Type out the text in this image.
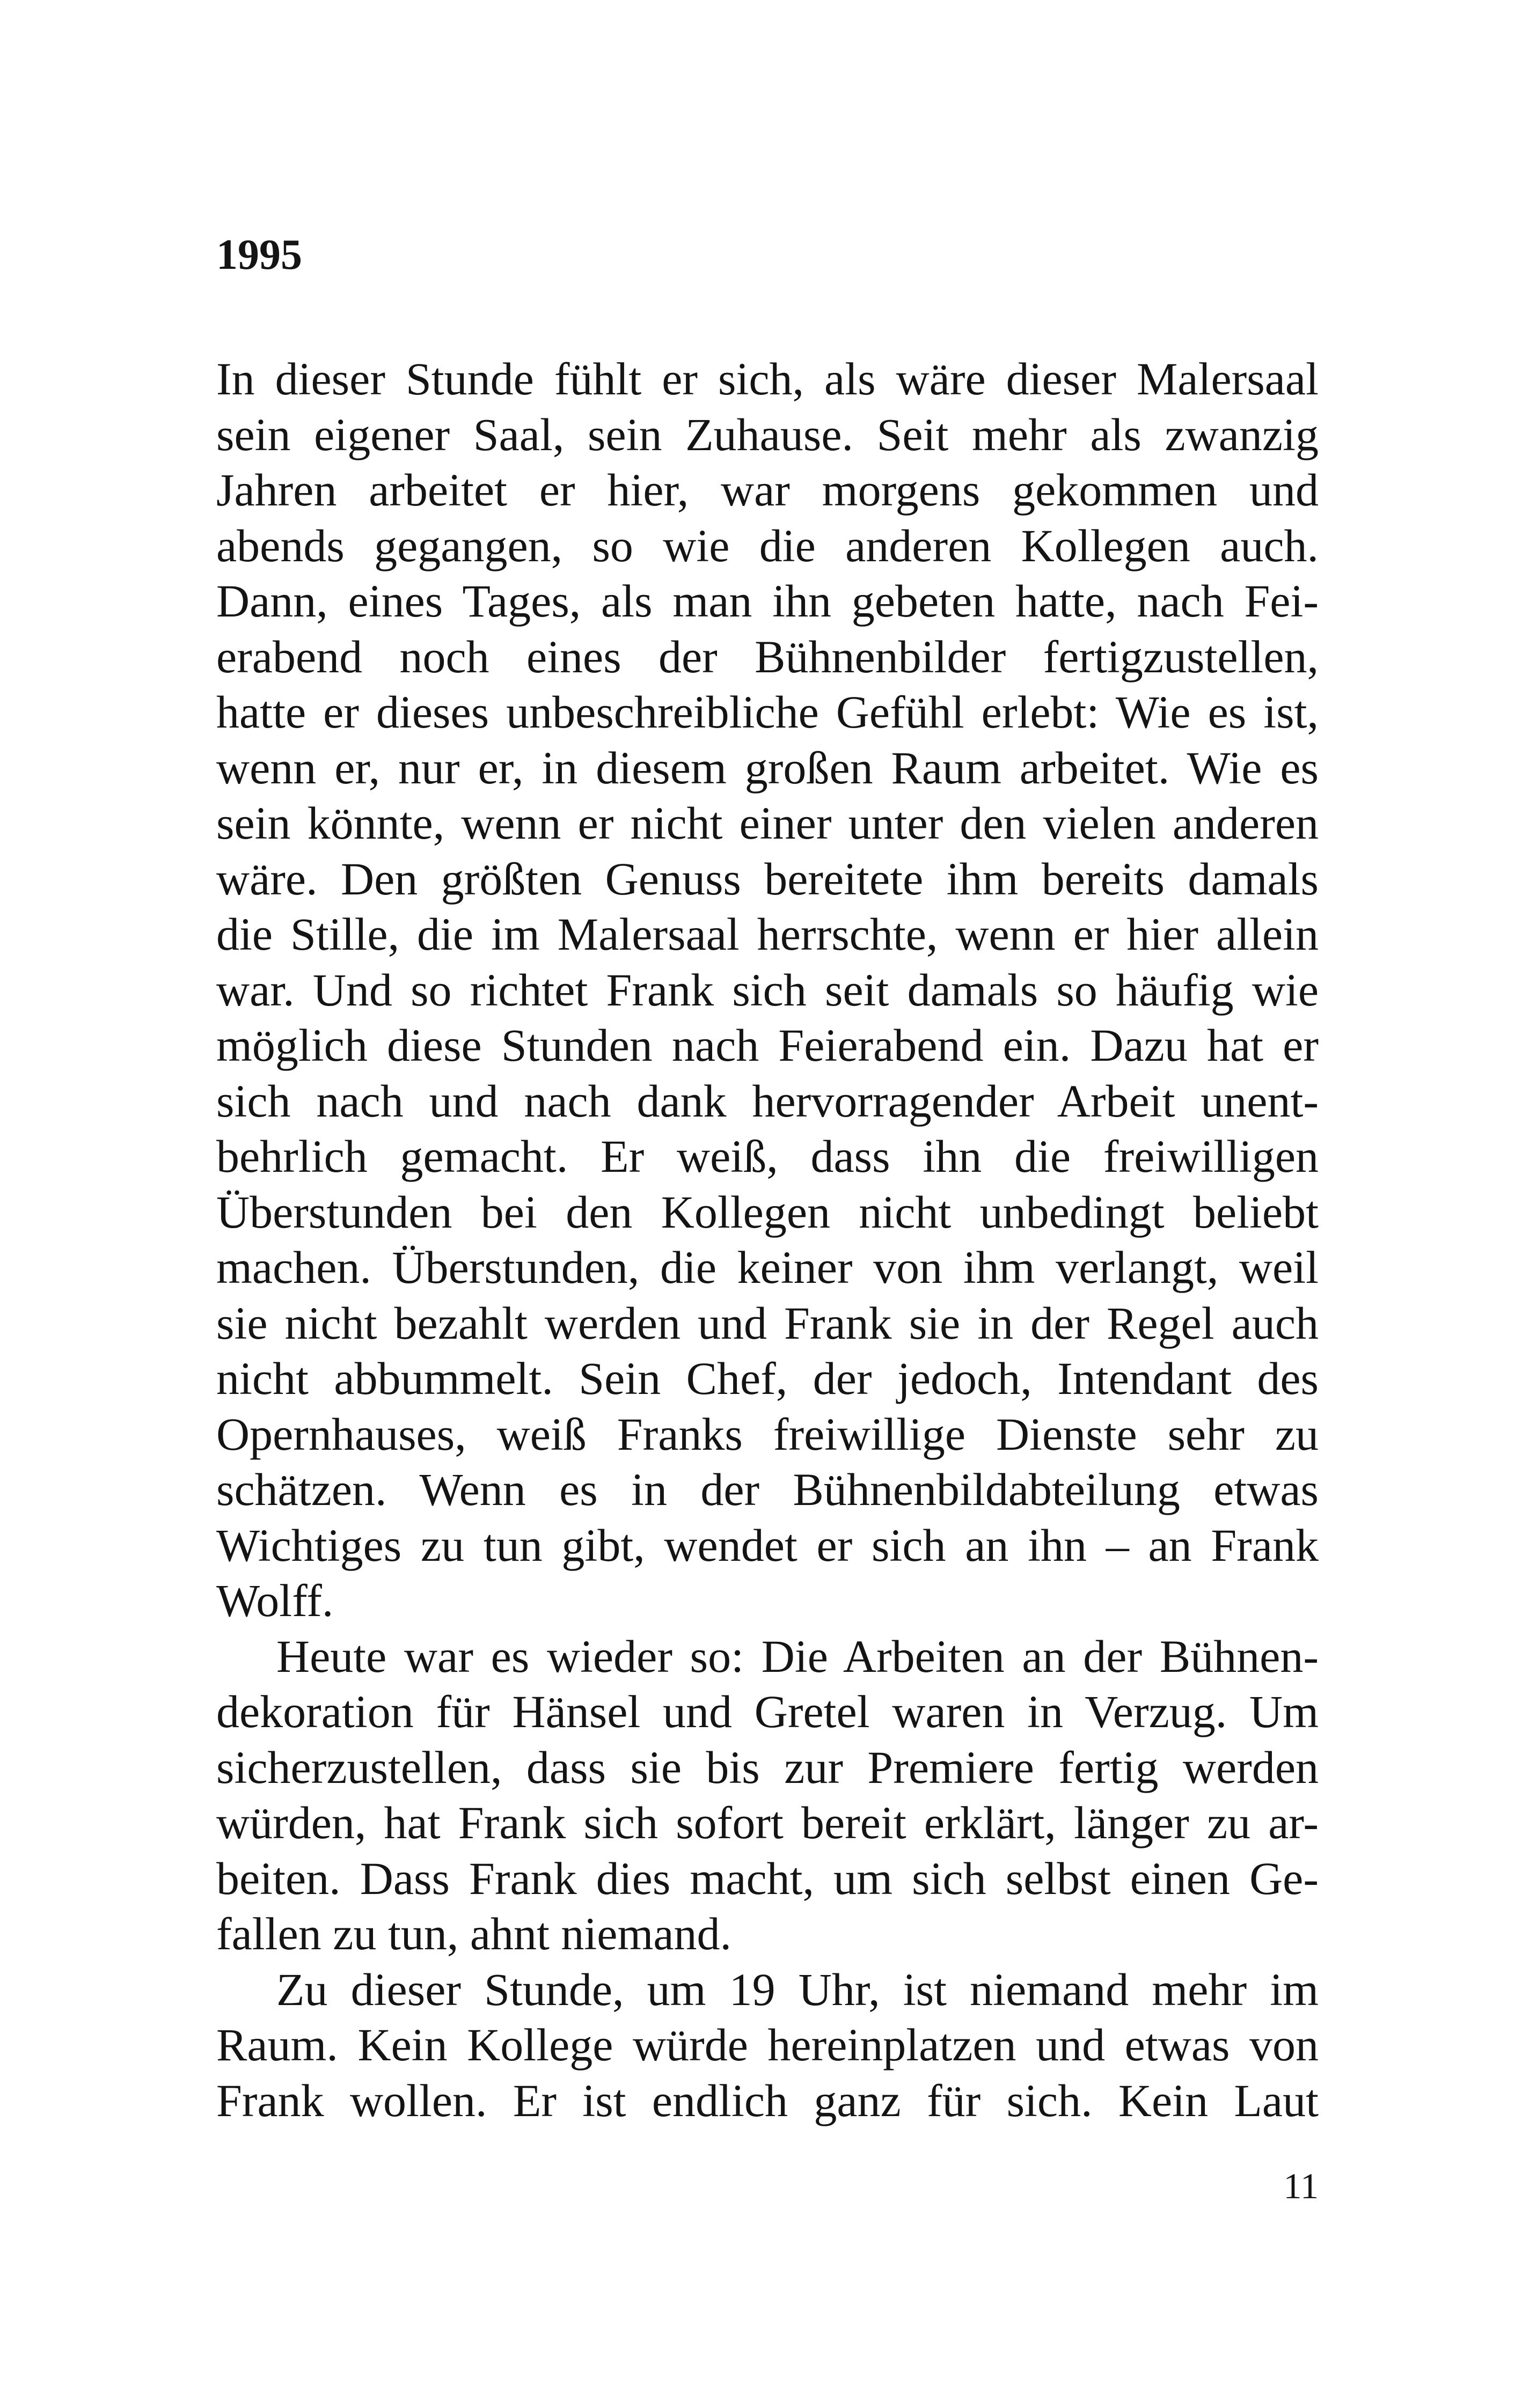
1995
In dieser Stunde fühlt er sich, als wäre dieser Malersaal
sein eigener Saal, sein Zuhause. Seit mehr als zwanzig
Jahren arbeitet er hier, war morgens gekommen und
abends gegangen, so wie die anderen Kollegen auch.
Dann, eines Tages, als man ihn gebeten hatte, nach Fei-
erabend noch eines der Bühnenbilder fertigzustellen,
hatte er dieses unbeschreibliche Gefühl erlebt: Wie es ist,
wenn er, nur er, in diesem großen Raum arbeitet. Wie es
sein könnte, wenn er nicht einer unter den vielen anderen
wäre. Den größten Genuss bereitete ihm bereits damals
die Stille, die im Malersaal herrschte, wenn er hier allein
war. Und so richtet Frank sich seit damals so häufig wie
möglich diese Stunden nach Feierabend ein. Dazu hat er
sich nach und nach dank hervorragender Arbeit unent-
behrlich gemacht. Er weiß, dass ihn die freiwilligen
Überstunden bei den Kollegen nicht unbedingt beliebt
machen. Überstunden, die keiner von ihm verlangt, weil
sie nicht bezahlt werden und Frank sie in der Regel auch
nicht abbummelt. Sein Chef, der jedoch, Intendant des
Opernhauses, weiß Franks freiwillige Dienste sehr zu
schätzen. Wenn es in der Bühnenbildabteilung etwas
Wichtiges zu tun gibt, wendet er sich an ihn – an Frank
Wolff.
Heute war es wieder so: Die Arbeiten an der Bühnen-
dekoration für Hänsel und Gretel waren in Verzug. Um
sicherzustellen, dass sie bis zur Premiere fertig werden
würden, hat Frank sich sofort bereit erklärt, länger zu ar-
beiten. Dass Frank dies macht, um sich selbst einen Ge-
fallen zu tun, ahnt niemand.
Zu dieser Stunde, um 19 Uhr, ist niemand mehr im
Raum. Kein Kollege würde hereinplatzen und etwas von
Frank wollen. Er ist endlich ganz für sich. Kein Laut
11
